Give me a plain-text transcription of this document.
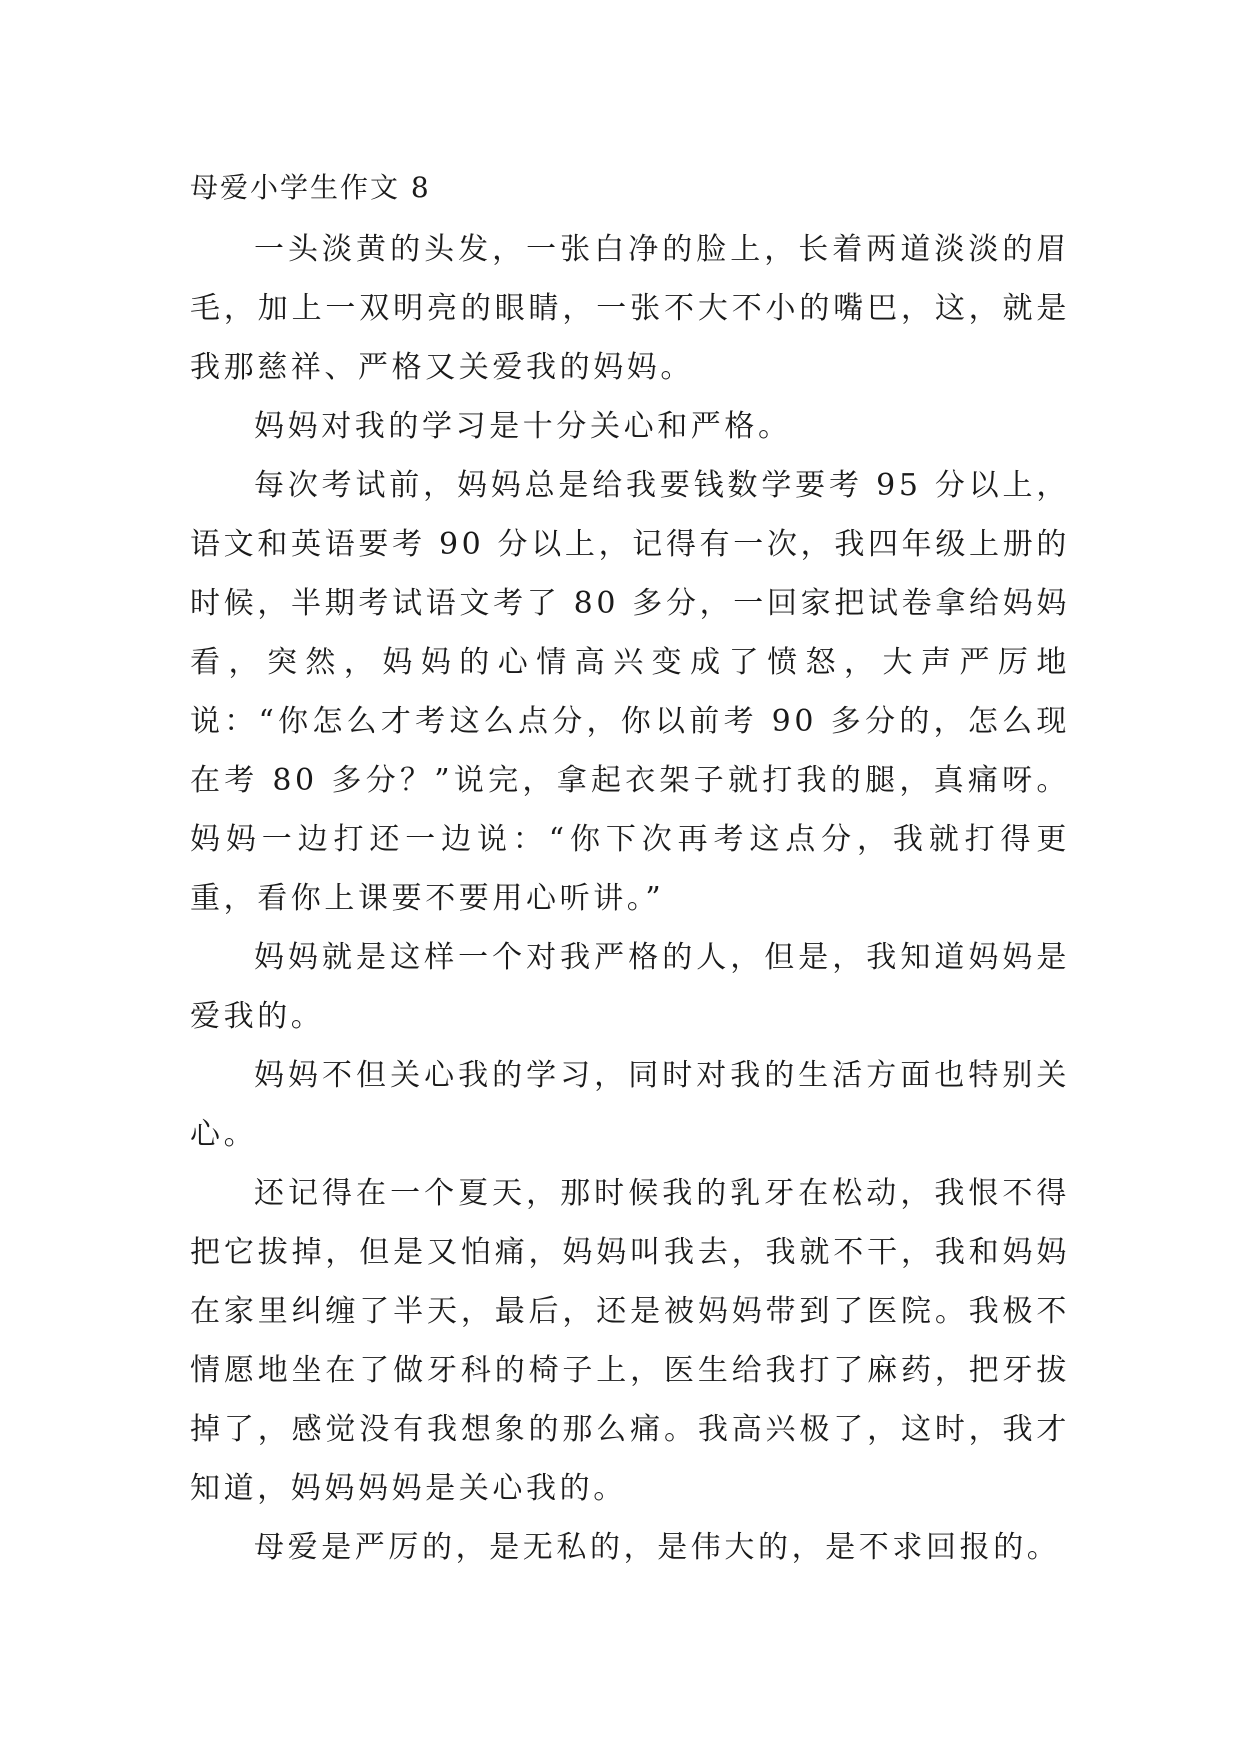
母爱小学生作文 8

一头淡黄的头发，一张白净的脸上，长着两道淡淡的眉毛，加上一双明亮的眼睛，一张不大不小的嘴巴，这，就是我那慈祥、严格又关爱我的妈妈。

妈妈对我的学习是十分关心和严格。

每次考试前，妈妈总是给我要钱数学要考 95 分以上，语文和英语要考 90 分以上，记得有一次，我四年级上册的时候，半期考试语文考了 80 多分，一回家把试卷拿给妈妈看，突然，妈妈的心情高兴变成了愤怒，大声严厉地说：“你怎么才考这么点分，你以前考 90 多分的，怎么现在考 80 多分？”说完，拿起衣架子就打我的腿，真痛呀。妈妈一边打还一边说：“你下次再考这点分，我就打得更重，看你上课要不要用心听讲。”

妈妈就是这样一个对我严格的人，但是，我知道妈妈是爱我的。

妈妈不但关心我的学习，同时对我的生活方面也特别关心。

还记得在一个夏天，那时候我的乳牙在松动，我恨不得把它拔掉，但是又怕痛，妈妈叫我去，我就不干，我和妈妈在家里纠缠了半天，最后，还是被妈妈带到了医院。我极不情愿地坐在了做牙科的椅子上，医生给我打了麻药，把牙拔掉了，感觉没有我想象的那么痛。我高兴极了，这时，我才知道，妈妈妈妈是关心我的。

母爱是严厉的，是无私的，是伟大的，是不求回报的。
